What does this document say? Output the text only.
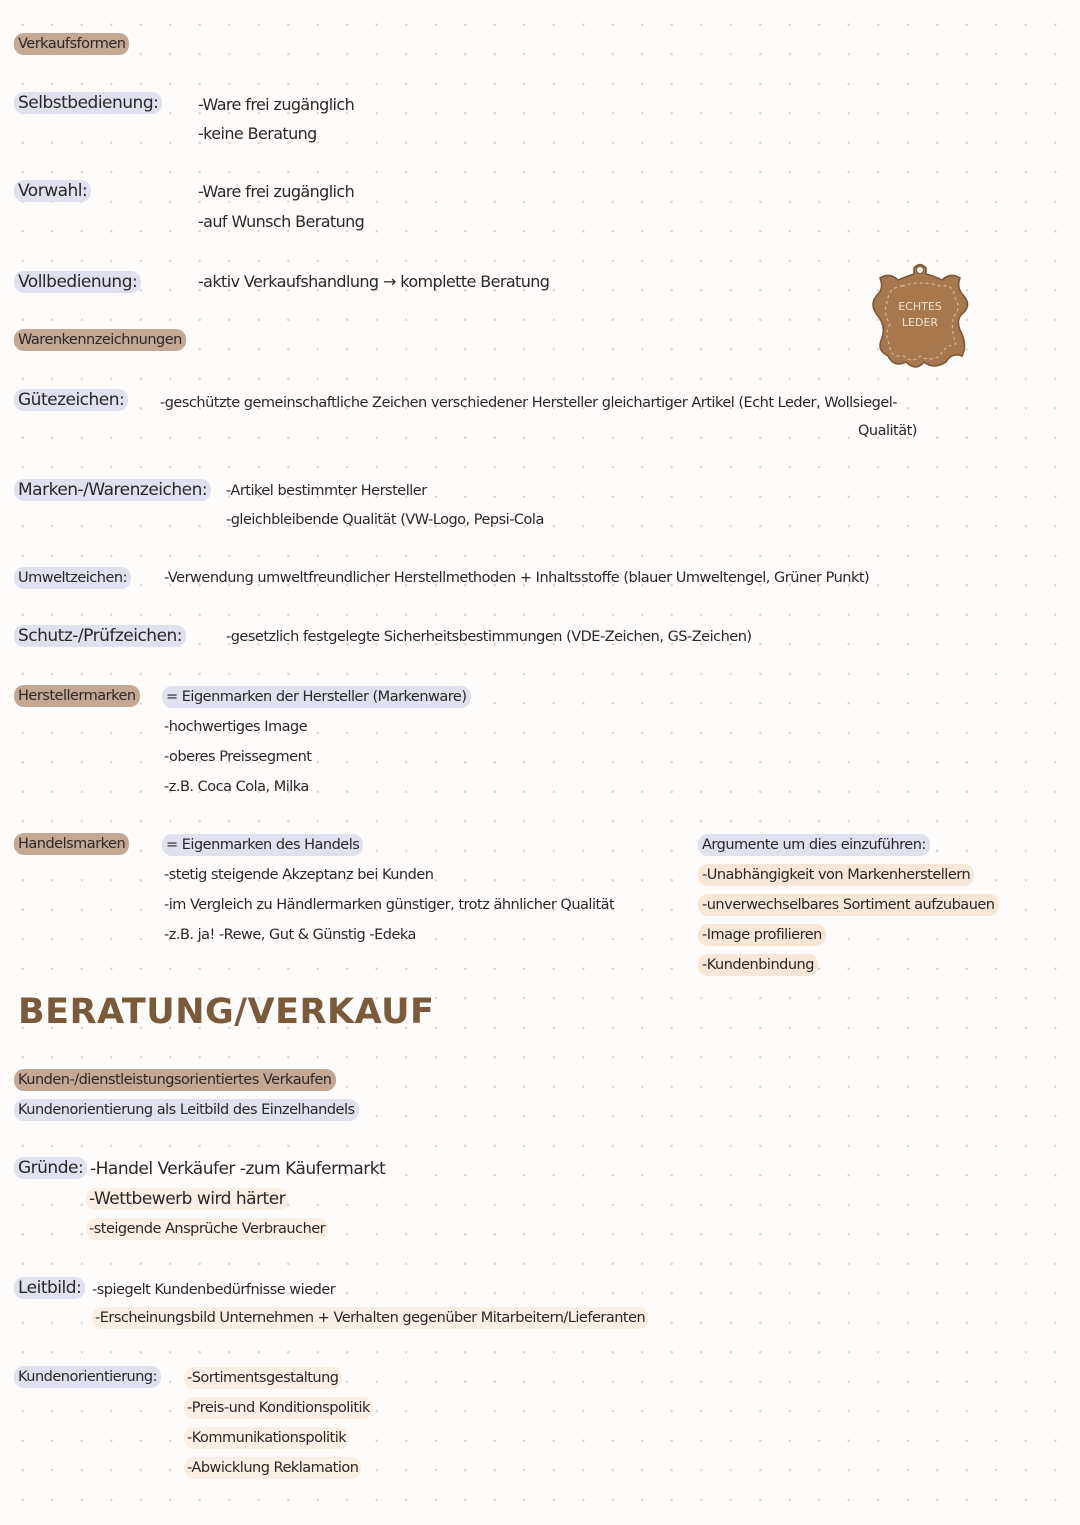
Verkaufsformen
Selbstbedienung: -Ware frei zugänglich
-keine Beratung
Vorwahl:	-Ware frei zugänglich
-auf Wunsch Beratung
Vollbedienung:	-aktiv Verkaufshandlung → komplette Beratung
ECHTES
LEDER
Warenkennzeichnungen
Gütezeichen: -geschützte gemeinschaftliche Zeichen verschiedener Hersteller gleichartiger Artikel (Echt Leder, Wollsiegel-
Qualität)
Marken-/Warenzeichen: -Artikel bestimmter Hersteller
-gleichbleibende Qualität (VW-Logo, Pepsi-Cola
Umweltzeichen:	-Verwendung umweltfreundlicher Herstellmethoden + Inhaltsstoffe (blauer Umweltengel, Grüner Punkt)
Schutz-/Prüfzeichen:	-gesetzlich festgelegte Sicherheitsbestimmungen (VDE-Zeichen, GS-Zeichen)
Herstellermarken = Eigenmarken der Hersteller (Markenware)
-hochwertiges Image
-oberes Preissegment
-z.B. Coca Cola, Milka
Handelsmarken	= Eigenmarken des Handels
-stetig steigende Akzeptanz bei Kunden
-im Vergleich zu Händlermarken günstiger, trotz ähnlicher Qualität
-z.B. ja! -Rewe, Gut & Günstig -Edeka
Argumente um dies einzuführen:
-Unabhängigkeit von Markenherstellern
-unverwechselbares Sortiment aufzubauen
-Image profilieren
-Kundenbindung
BERATUNG/VERKAUF
Kunden-/dienstleistungsorientiertes Verkaufen
Kundenorientierung als Leitbild des Einzelhandels
Gründe: -Handel Verkäufer -zum Käufermarkt
-Wettbewerb wird härter
-steigende Ansprüche Verbraucher
Leitbild: -spiegelt Kundenbedürfnisse wieder
-Erscheinungsbild Unternehmen + Verhalten gegenüber Mitarbeitern/Lieferanten
Kundenorientierung: -Sortimentsgestaltung
-Preis-und Konditionspolitik
-Kommunikationspolitik
-Abwicklung Reklamation
